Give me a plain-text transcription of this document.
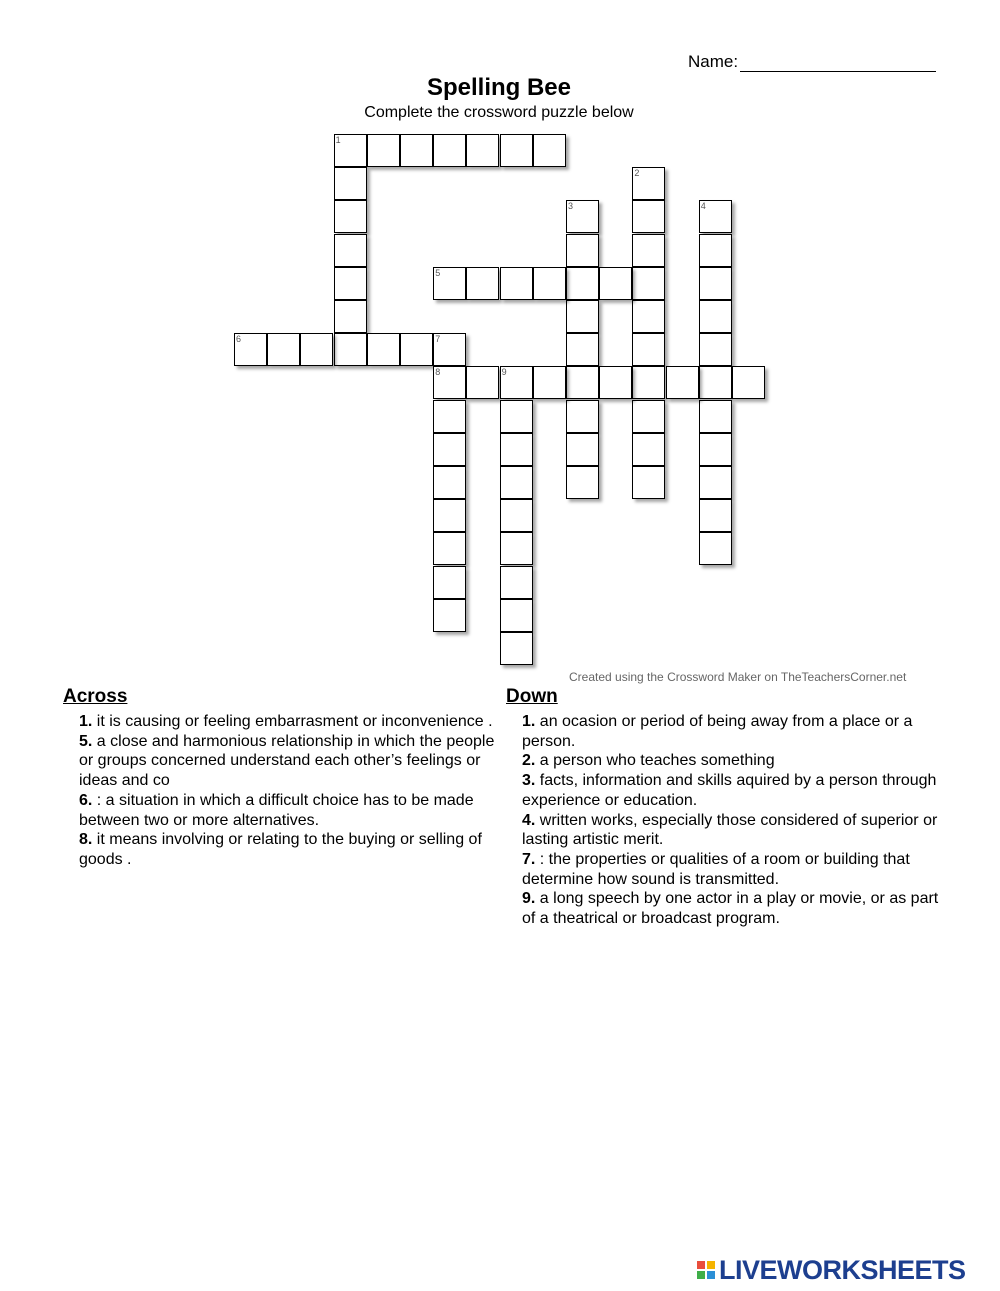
Name:
Spelling Bee
Complete the crossword puzzle below
1
2
3	4
5
6	7
8	9
Created using the Crossword Maker on TheTeachersCorner.net
Across
1. it is causing or feeling embarrasment or inconvenience .
5. a close and harmonious relationship in which the people or groups concerned understand each other’s feelings or ideas and co
6. : a situation in which a difficult choice has to be made between two or more alternatives.
8. it means involving or relating to the buying or selling of goods .
Down
1. an ocasion or period of being away from a place or a person.
2. a person who teaches something
3. facts, information and skills aquired by a person through experience or education.
4. written works, especially those considered of superior or lasting artistic merit.
7. : the properties or qualities of a room or building that determine how sound is transmitted.
9. a long speech by one actor in a play or movie, or as part of a theatrical or broadcast program.
LIVEWORKSHEETS
